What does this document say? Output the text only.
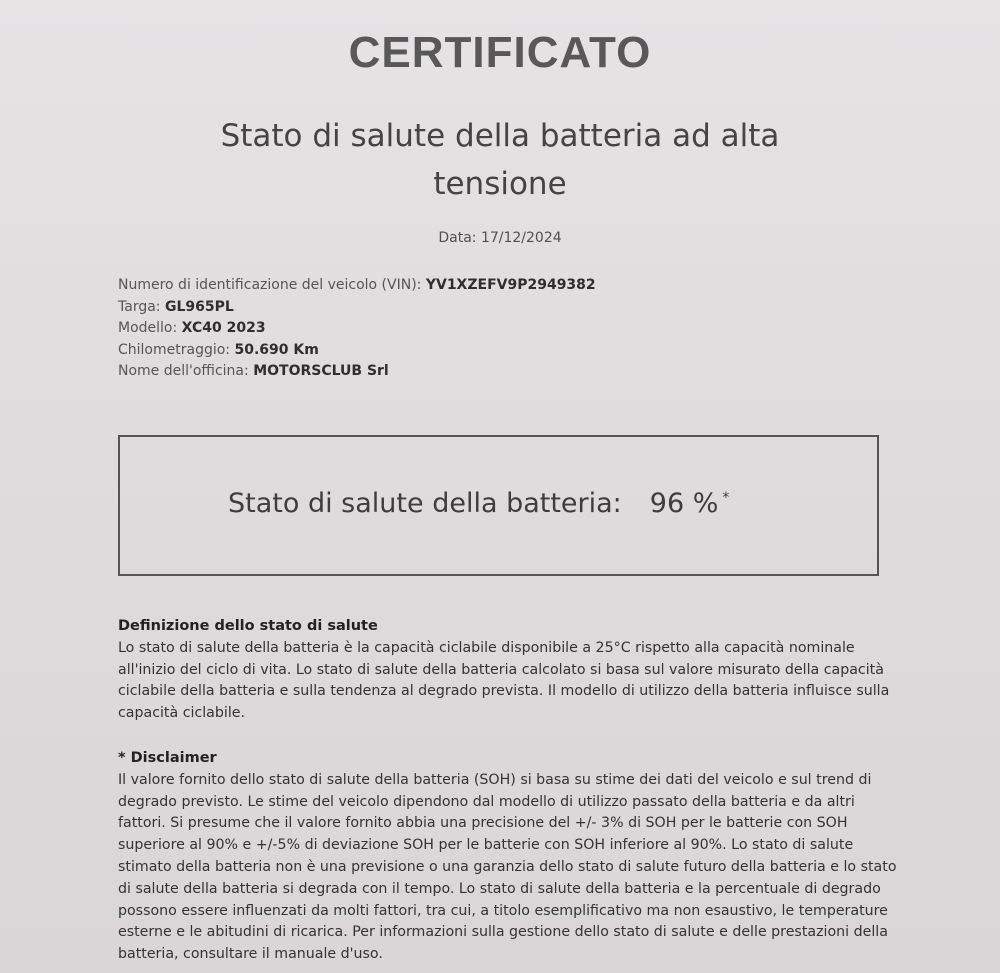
CERTIFICATO
Stato di salute della batteria ad alta tensione
Data: 17/12/2024
Numero di identificazione del veicolo (VIN): YV1XZEFV9P2949382
Targa: GL965PL
Modello: XC40 2023
Chilometraggio: 50.690 Km
Nome dell'officina: MOTORSCLUB Srl
Stato di salute della batteria: 96 % *
Definizione dello stato di salute

Lo stato di salute della batteria è la capacità ciclabile disponibile a 25°C rispetto alla capacità nominale all'inizio del ciclo di vita. Lo stato di salute della batteria calcolato si basa sul valore misurato della capacità ciclabile della batteria e sulla tendenza al degrado prevista. Il modello di utilizzo della batteria influisce sulla capacità ciclabile.

* Disclaimer

Il valore fornito dello stato di salute della batteria (SOH) si basa su stime dei dati del veicolo e sul trend di degrado previsto. Le stime del veicolo dipendono dal modello di utilizzo passato della batteria e da altri fattori. Si presume che il valore fornito abbia una precisione del +/- 3% di SOH per le batterie con SOH superiore al 90% e +/-5% di deviazione SOH per le batterie con SOH inferiore al 90%. Lo stato di salute stimato della batteria non è una previsione o una garanzia dello stato di salute futuro della batteria e lo stato di salute della batteria si degrada con il tempo. Lo stato di salute della batteria e la percentuale di degrado possono essere influenzati da molti fattori, tra cui, a titolo esemplificativo ma non esaustivo, le temperature esterne e le abitudini di ricarica. Per informazioni sulla gestione dello stato di salute e delle prestazioni della batteria, consultare il manuale d'uso.
